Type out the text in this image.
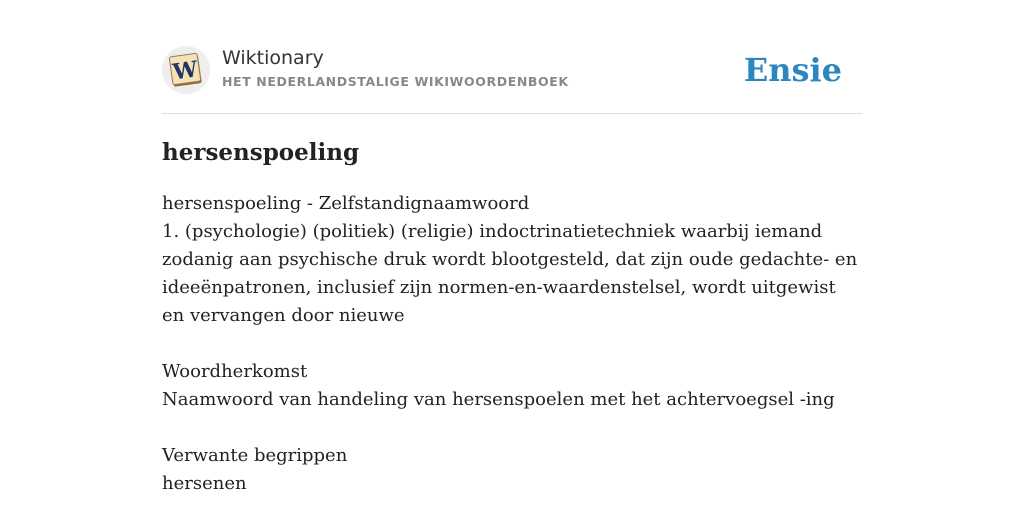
W Wiktionary
HET NEDERLANDSTALIGE WIKIWOORDENBOEK	Ensie
hersenspoeling

hersenspoeling - Zelfstandignaamwoord

1. (psychologie) (politiek) (religie) indoctrinatietechniek waarbij iemand zodanig aan psychische druk wordt blootgesteld, dat zijn oude gedachte- en ideeënpatronen, inclusief zijn normen-en-waardenstelsel, wordt uitgewist en vervangen door nieuwe

Woordherkomst

Naamwoord van handeling van hersenspoelen met het achtervoegsel -ing

Verwante begrippen

hersenen
